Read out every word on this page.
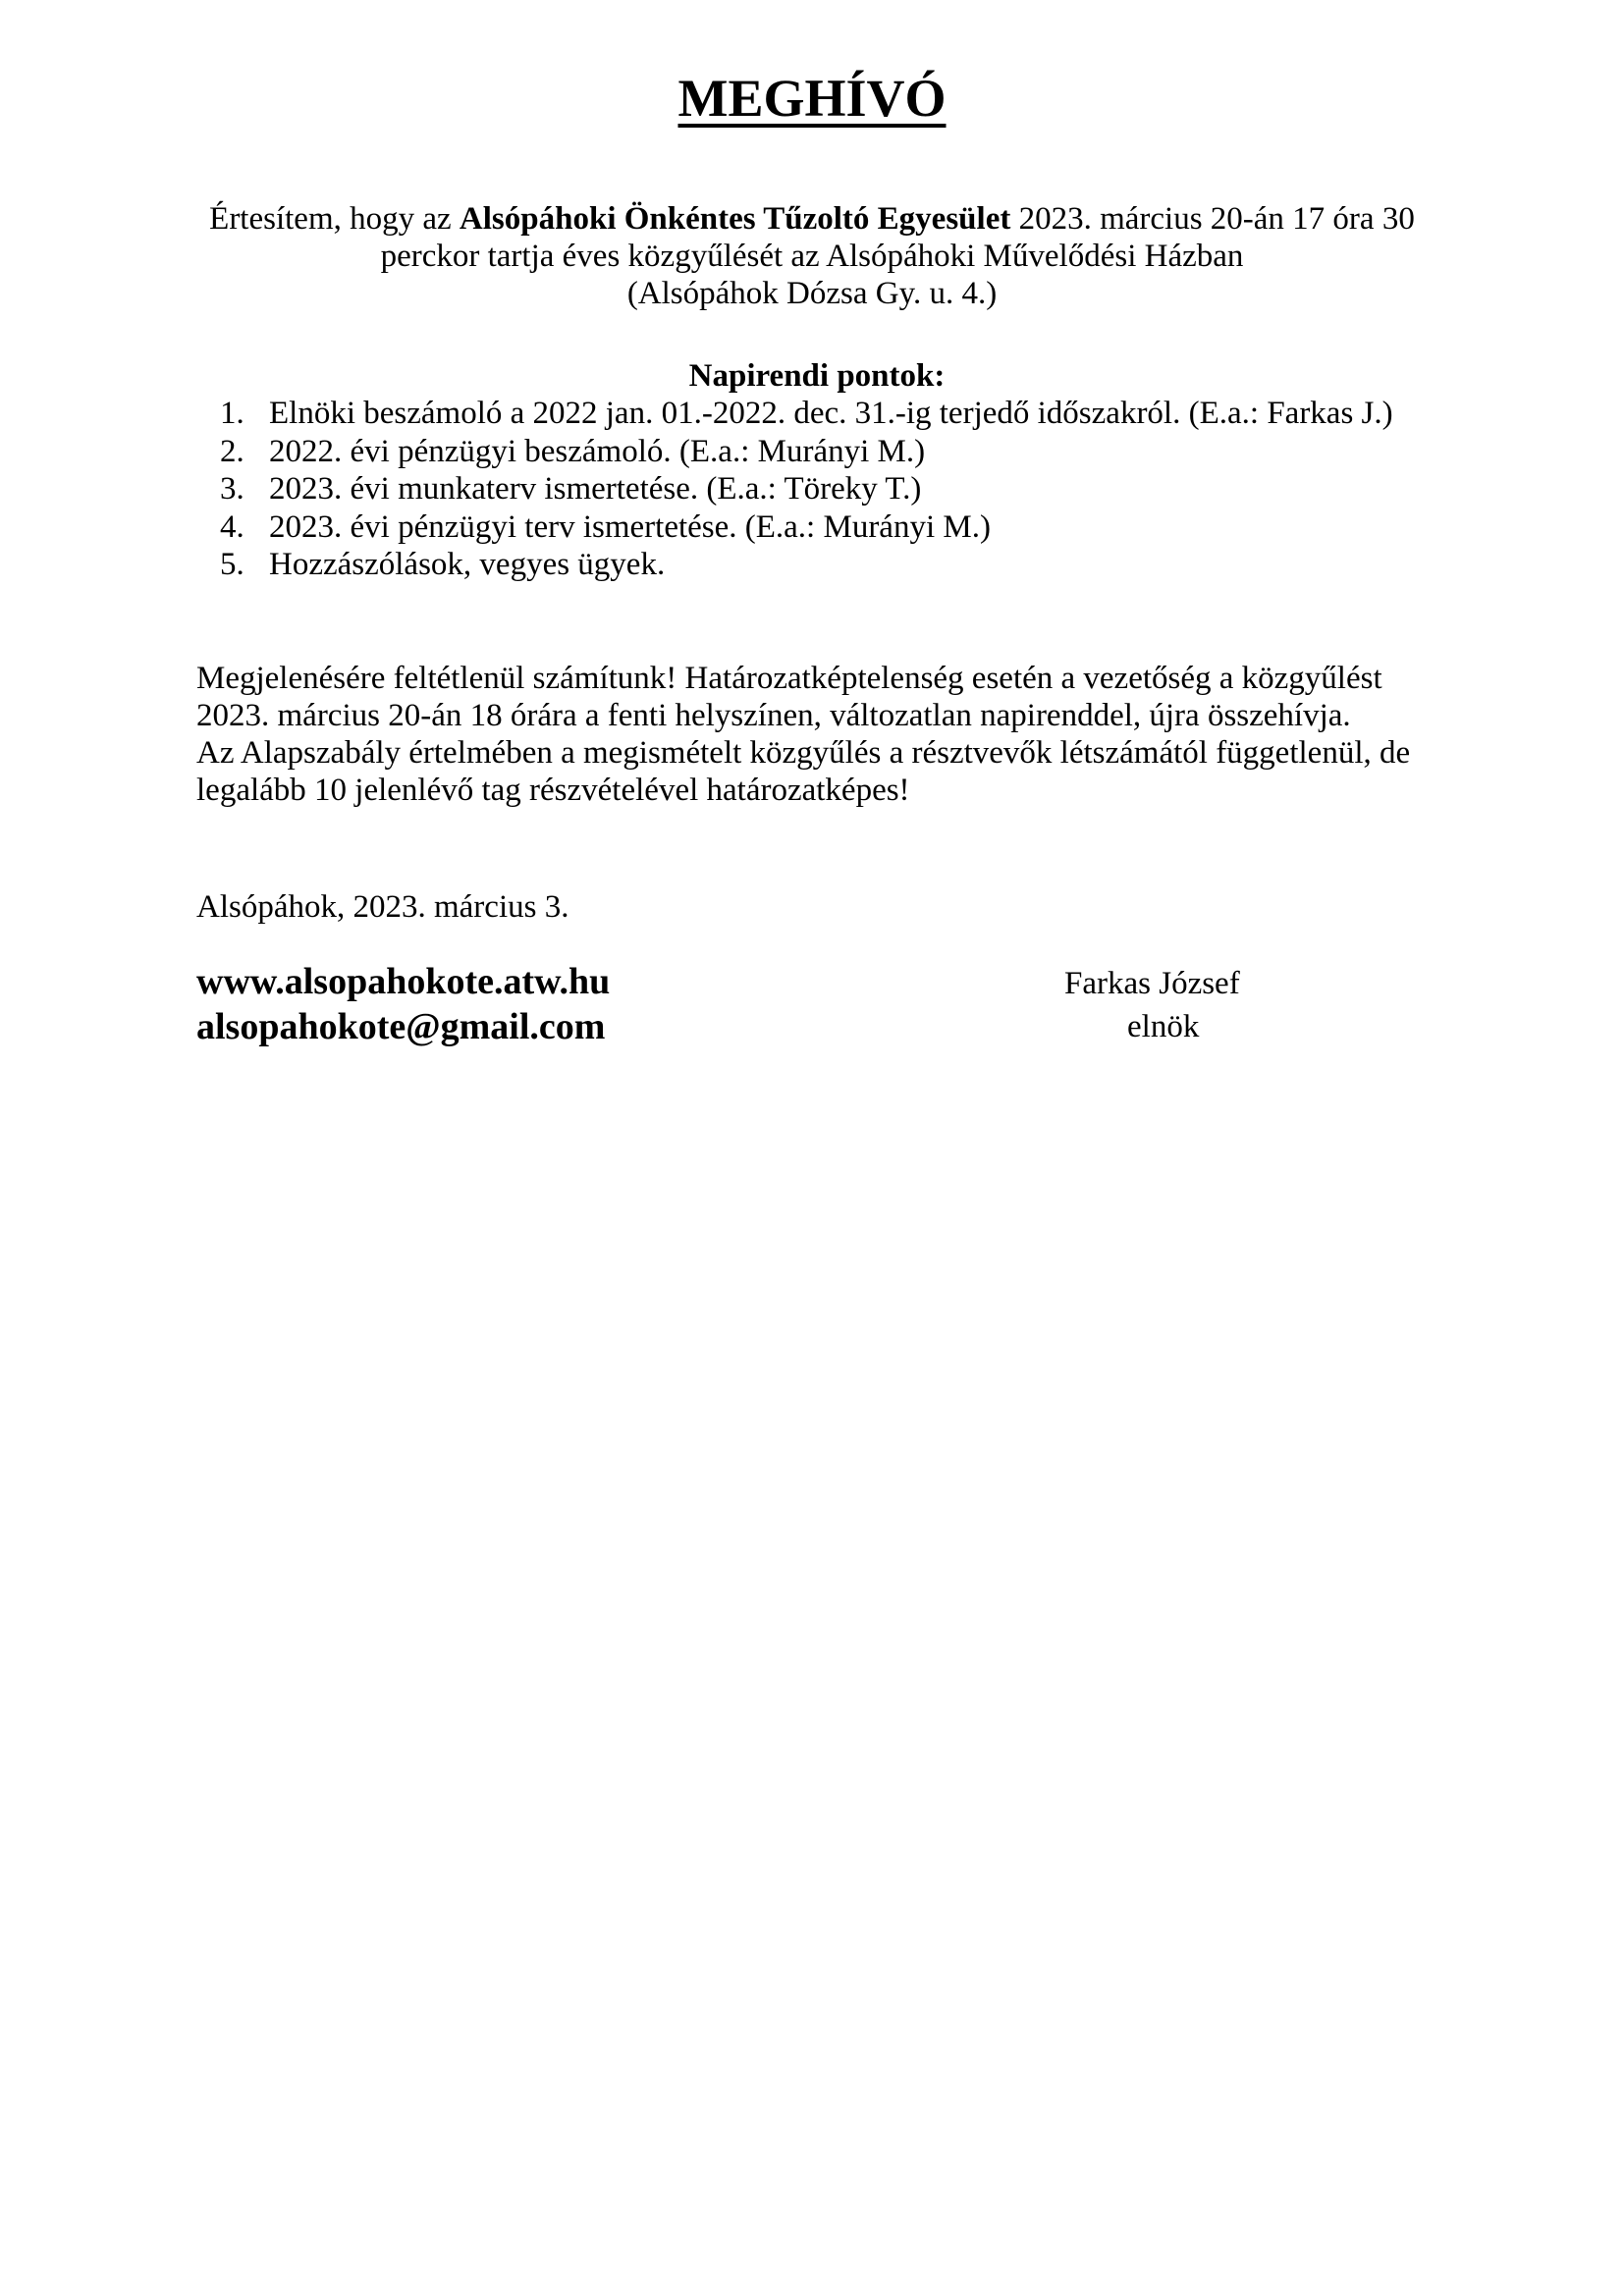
MEGHÍVÓ
Értesítem, hogy az Alsópáhoki Önkéntes Tűzoltó Egyesület 2023. március 20-án 17 óra 30
perckor tartja éves közgyűlését az Alsópáhoki Művelődési Házban
(Alsópáhok Dózsa Gy. u. 4.)
Napirendi pontok:
1. Elnöki beszámoló a 2022 jan. 01.-2022. dec. 31.-ig terjedő időszakról. (E.a.: Farkas J.)
2. 2022. évi pénzügyi beszámoló. (E.a.: Murányi M.)
3. 2023. évi munkaterv ismertetése. (E.a.: Töreky T.)
4. 2023. évi pénzügyi terv ismertetése. (E.a.: Murányi M.)
5. Hozzászólások, vegyes ügyek.
Megjelenésére feltétlenül számítunk! Határozatképtelenség esetén a vezetőség a közgyűlést
2023. március 20-án 18 órára a fenti helyszínen, változatlan napirenddel, újra összehívja.
Az Alapszabály értelmében a megismételt közgyűlés a résztvevők létszámától függetlenül, de
legalább 10 jelenlévő tag részvételével határozatképes!
Alsópáhok, 2023. március 3.
www.alsopahokote.atw.hu
alsopahokote@gmail.com
Farkas József
elnök
